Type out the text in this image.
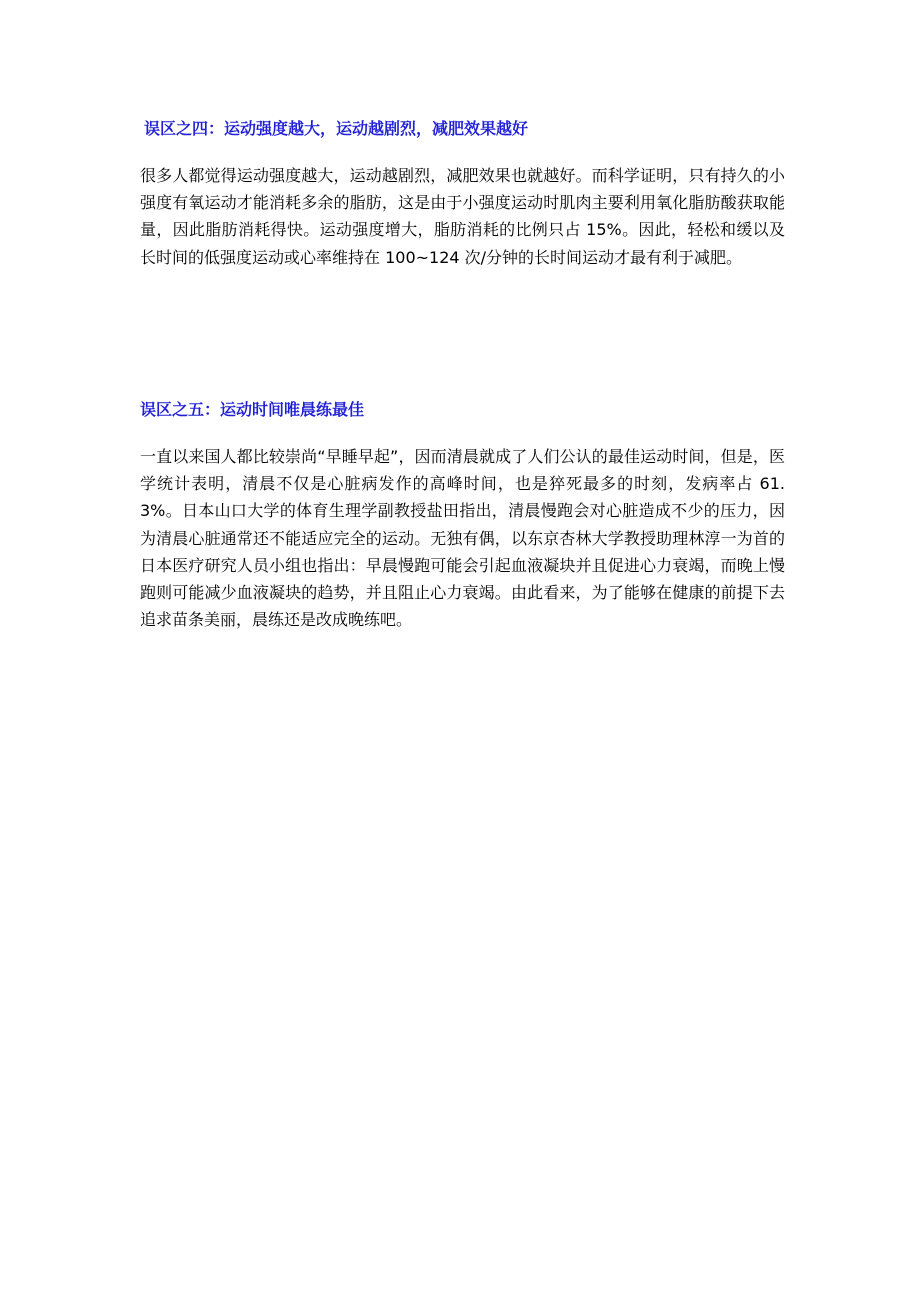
误区之四：运动强度越大，运动越剧烈，减肥效果越好

很多人都觉得运动强度越大，运动越剧烈，减肥效果也就越好。而科学证明，只有持久的小强度有氧运动才能消耗多余的脂肪，这是由于小强度运动时肌肉主要利用氧化脂肪酸获取能量，因此脂肪消耗得快。运动强度增大，脂肪消耗的比例只占 15%。因此，轻松和缓以及长时间的低强度运动或心率维持在 100~124 次/分钟的长时间运动才最有利于减肥。

误区之五：运动时间唯晨练最佳

一直以来国人都比较崇尚“早睡早起”，因而清晨就成了人们公认的最佳运动时间，但是，医学统计表明，清晨不仅是心脏病发作的高峰时间，也是猝死最多的时刻，发病率占 61.3%。日本山口大学的体育生理学副教授盐田指出，清晨慢跑会对心脏造成不少的压力，因为清晨心脏通常还不能适应完全的运动。无独有偶，以东京杏林大学教授助理林淳一为首的日本医疗研究人员小组也指出：早晨慢跑可能会引起血液凝块并且促进心力衰竭，而晚上慢跑则可能减少血液凝块的趋势，并且阻止心力衰竭。由此看来，为了能够在健康的前提下去追求苗条美丽，晨练还是改成晚练吧。
